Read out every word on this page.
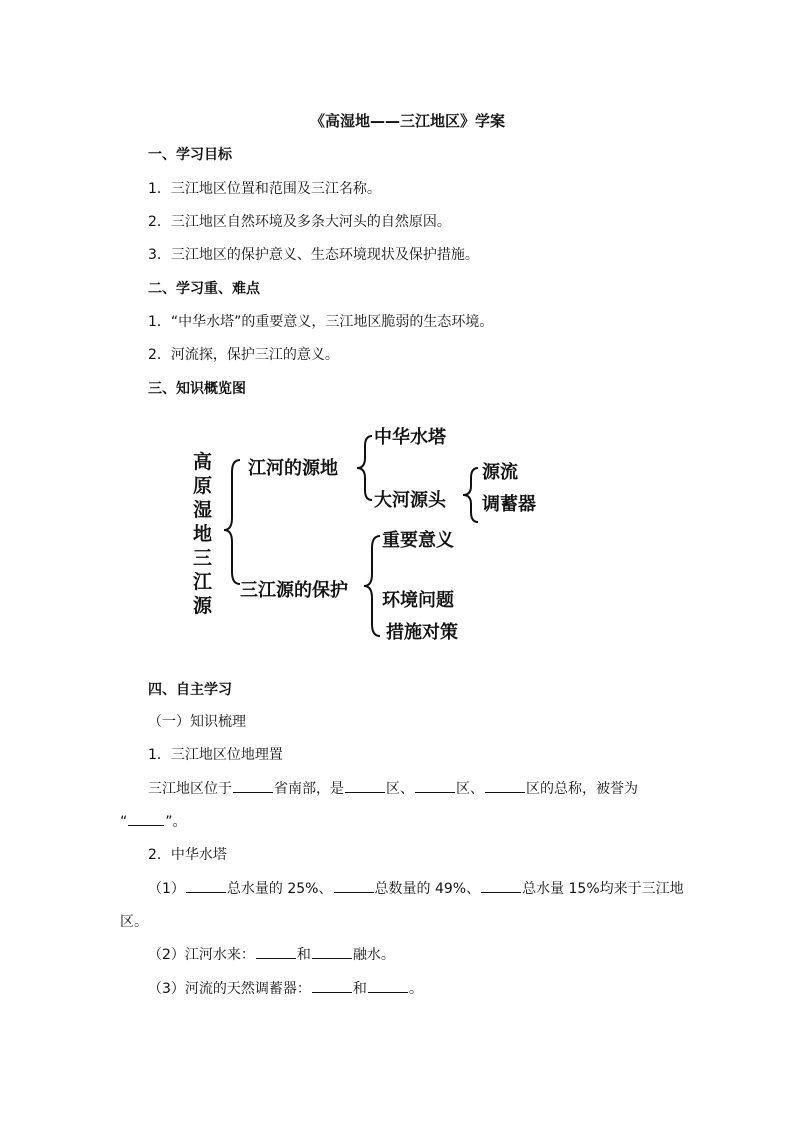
《高湿地——三江地区》学案
一、学习目标
1．三江地区位置和范围及三江名称。
2．三江地区自然环境及多条大河头的自然原因。
3．三江地区的保护意义、生态环境现状及保护措施。
二、学习重、难点
1．“中华水塔”的重要意义，三江地区脆弱的生态环境。
2．河流探，保护三江的意义。
三、知识概览图
高
原
湿
地
三
江
源
江河的源地
三江源的保护
中华水塔
大河源头
源流
调蓄器
重要意义
环境问题
措施对策
四、自主学习
（一）知识梳理
1．三江地区位地理置
三江地区位于	省南部，是	区、	区、	区的总称，被誉为
“	”。
2．中华水塔
（1）	总水量的 25%、	总数量的 49%、	总水量 15%均来于三江地
区。
（2）江河水来：	和	融水。
（3）河流的天然调蓄器：	和	。
